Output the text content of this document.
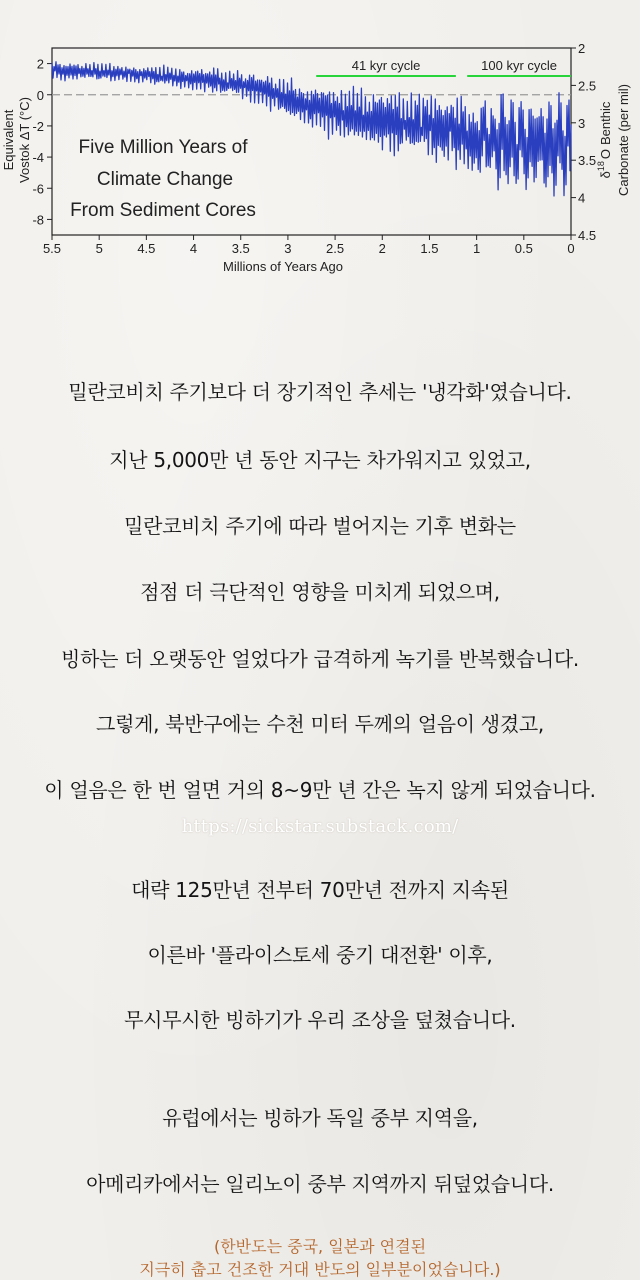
5.5	5	4.5	4	3.5	3	2.5	2	1.5	1	0.5	0
2
0
-2
-4
-6
-8
2
2.5
3
3.5
4
4.5
41 kyr cycle	100 kyr cycle
Five Million Years of
Climate Change
From Sediment Cores
Millions of Years Ago
Equivalent Vostok ΔT (°C)	$\delta^{18}OBenthic$ Carbonate (per mil)
밀란코비치 주기보다 더 장기적인 추세는 '냉각화'였습니다.
지난 5,000만 년 동안 지구는 차가워지고 있었고,
밀란코비치 주기에 따라 벌어지는 기후 변화는
점점 더 극단적인 영향을 미치게 되었으며,
빙하는 더 오랫동안 얼었다가 급격하게 녹기를 반복했습니다.
그렇게, 북반구에는 수천 미터 두께의 얼음이 생겼고,
이 얼음은 한 번 얼면 거의 8~9만 년 간은 녹지 않게 되었습니다.
https://sickstar.substack.com/
대략 125만년 전부터 70만년 전까지 지속된
이른바 '플라이스토세 중기 대전환' 이후,
무시무시한 빙하기가 우리 조상을 덮쳤습니다.
유럽에서는 빙하가 독일 중부 지역을,
아메리카에서는 일리노이 중부 지역까지 뒤덮었습니다.
(한반도는 중국, 일본과 연결된
지극히 춥고 건조한 거대 반도의 일부분이었습니다.)
